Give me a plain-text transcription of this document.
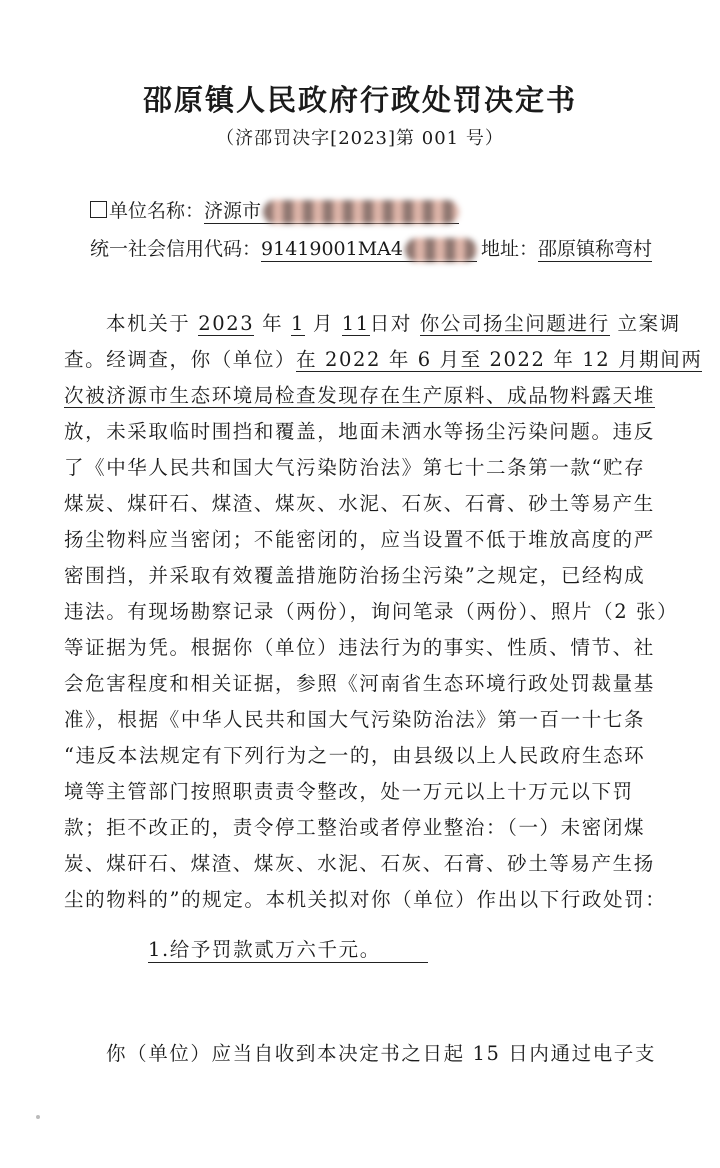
邵原镇人民政府行政处罚决定书
（济邵罚决字[2023]第 001 号）
单位名称：济源市
统一社会信用代码：91419001MA4	地址：邵原镇称弯村
本机关于 2023 年 1 月 11日对 你公司扬尘问题进行 立案调
查。经调查，你（单位）在 2022 年 6 月至 2022 年 12 月期间两
次被济源市生态环境局检查发现存在生产原料、成品物料露天堆
放，未采取临时围挡和覆盖，地面未洒水等扬尘污染问题。违反
了《中华人民共和国大气污染防治法》第七十二条第一款“贮存
煤炭、煤矸石、煤渣、煤灰、水泥、石灰、石膏、砂土等易产生
扬尘物料应当密闭；不能密闭的，应当设置不低于堆放高度的严
密围挡，并采取有效覆盖措施防治扬尘污染”之规定，已经构成
违法。有现场勘察记录（两份），询问笔录（两份）、照片（2 张）
等证据为凭。根据你（单位）违法行为的事实、性质、情节、社
会危害程度和相关证据，参照《河南省生态环境行政处罚裁量基
准》，根据《中华人民共和国大气污染防治法》第一百一十七条
“违反本法规定有下列行为之一的，由县级以上人民政府生态环
境等主管部门按照职责责令整改，处一万元以上十万元以下罚
款；拒不改正的，责令停工整治或者停业整治：（一）未密闭煤
炭、煤矸石、煤渣、煤灰、水泥、石灰、石膏、砂土等易产生扬
尘的物料的”的规定。本机关拟对你（单位）作出以下行政处罚：
1.给予罚款贰万六千元。
你（单位）应当自收到本决定书之日起 15 日内通过电子支
